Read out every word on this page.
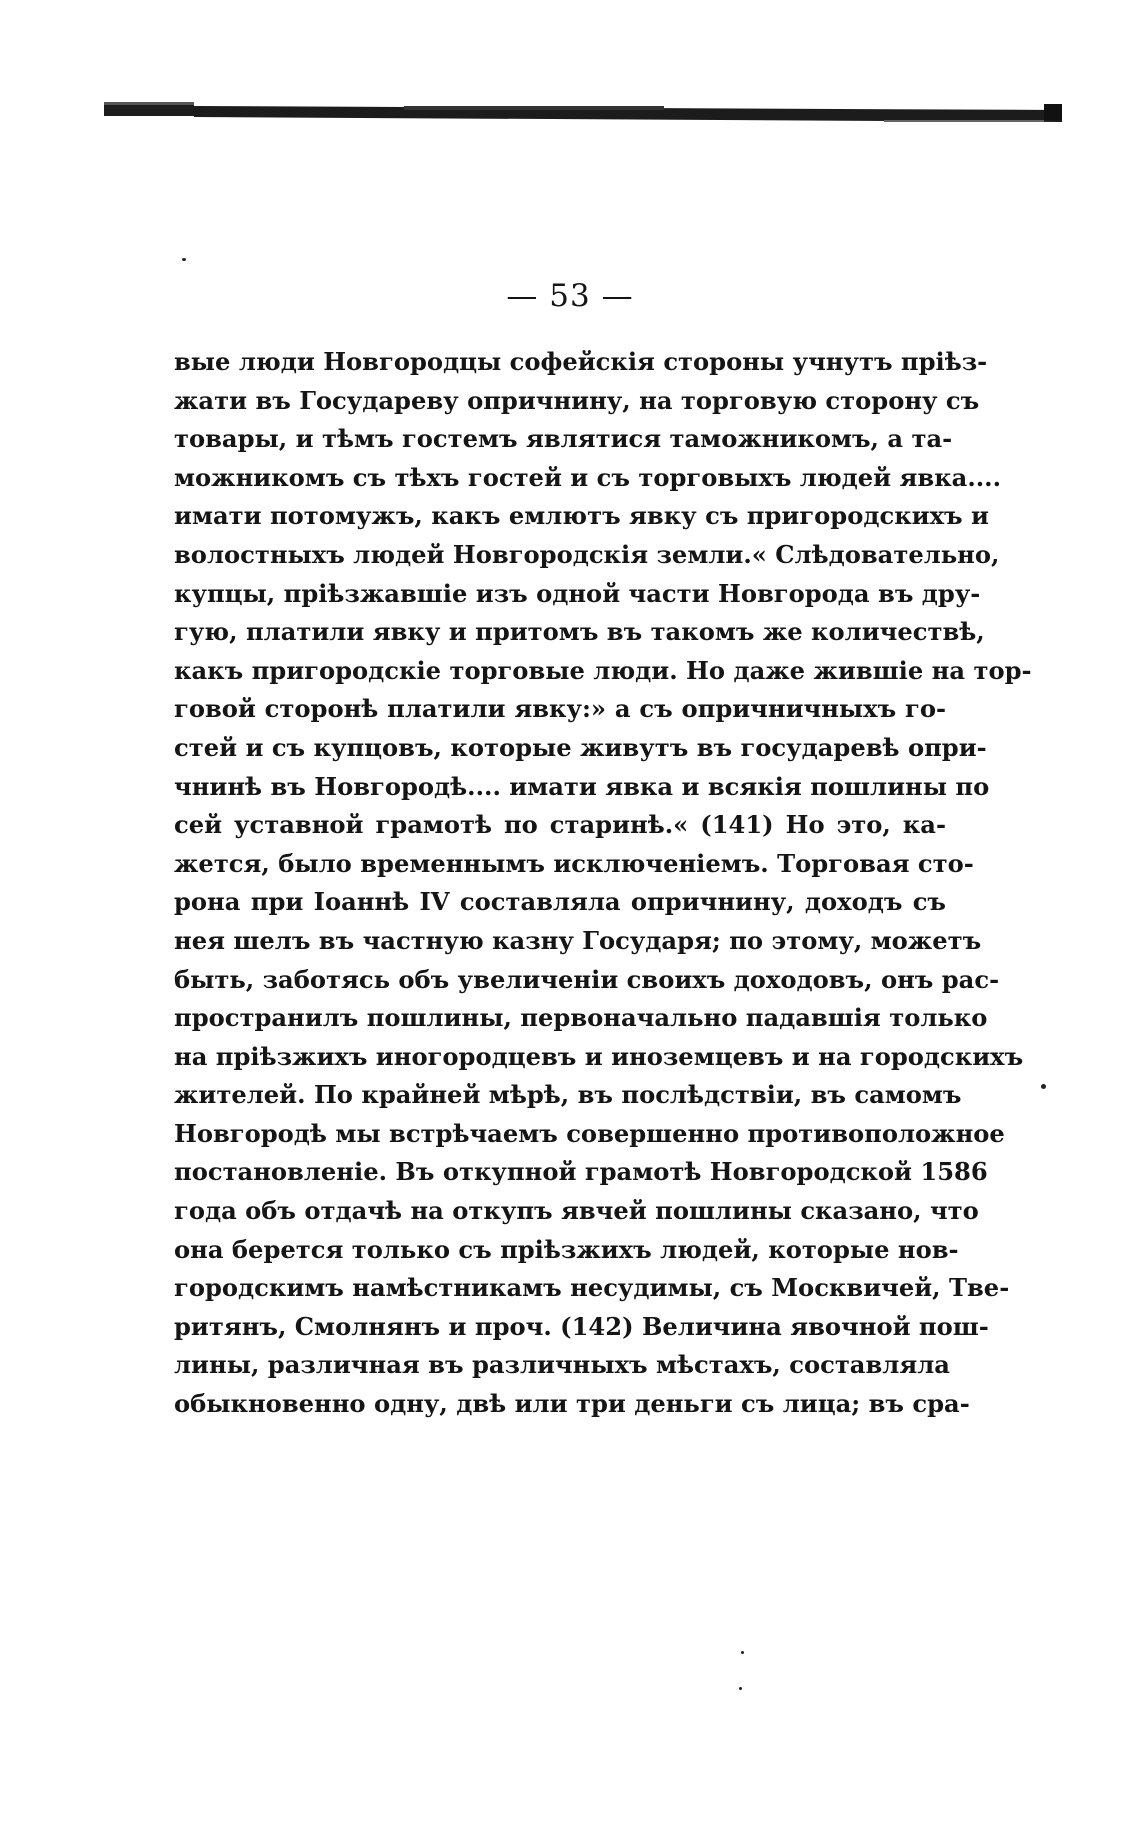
— 53 —
вые люди Новгородцы софейскія стороны учнутъ пріѣз-
жати въ Государеву опричнину, на торговую сторону съ
товары, и тѣмъ гостемъ являтися таможникомъ, а та-
можникомъ съ тѣхъ гостей и съ торговыхъ людей явка....
имати потомужъ, какъ емлютъ явку съ пригородскихъ и
волостныхъ людей Новгородскія земли.« Слѣдовательно,
купцы, пріѣзжавшіе изъ одной части Новгорода въ дру-
гую, платили явку и притомъ въ такомъ же количествѣ,
какъ пригородскіе торговые люди. Но даже жившіе на тор-
говой сторонѣ платили явку:» а съ опричничныхъ го-
стей и съ купцовъ, которые живутъ въ государевѣ опри-
чнинѣ въ Новгородѣ.... имати явка и всякія пошлины по
сей уставной грамотѣ по старинѣ.« (141) Но это, ка-
жется, было временнымъ исключеніемъ. Торговая сто-
рона при Іоаннѣ IV составляла опричнину, доходъ съ
нея шелъ въ частную казну Государя; по этому, можетъ
быть, заботясь объ увеличеніи своихъ доходовъ, онъ рас-
пространилъ пошлины, первоначально падавшія только
на пріѣзжихъ иногородцевъ и иноземцевъ и на городскихъ
жителей. По крайней мѣрѣ, въ послѣдствіи, въ самомъ
Новгородѣ мы встрѣчаемъ совершенно противоположное
постановленіе. Въ откупной грамотѣ Новгородской 1586
года объ отдачѣ на откупъ явчей пошлины сказано, что
она берется только съ пріѣзжихъ людей, которые нов-
городскимъ намѣстникамъ несудимы, съ Москвичей, Тве-
ритянъ, Смолнянъ и проч. (142) Величина явочной пош-
лины, различная въ различныхъ мѣстахъ, составляла
обыкновенно одну, двѣ или три деньги съ лица; въ сра-
